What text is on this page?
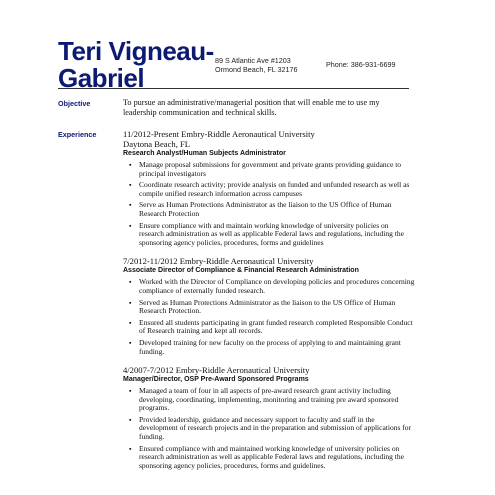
Teri Vigneau-
Gabriel
89 S Atlantic Ave #1203
Ormond Beach, FL 32176
Phone: 386-931-6699
Objective	To pursue an administrative/managerial position that will enable me to use my leadership communication and technical skills.
Experience	11/2012-Present Embry-Riddle Aeronautical University
Daytona Beach, FL
Research Analyst/Human Subjects Administrator
▪ Manage proposal submissions for government and private grants providing guidance to principal investigators
▪ Coordinate research activity; provide analysis on funded and unfunded research as well as compile unified research information across campuses
▪ Serve as Human Protections Administrator as the liaison to the US Office of Human Research Protection
▪ Ensure compliance with and maintain working knowledge of university policies on research administration as well as applicable Federal laws and regulations, including the sponsoring agency policies, procedures, forms and guidelines
7/2012-11/2012 Embry-Riddle Aeronautical University
Associate Director of Compliance & Financial Research Administration
▪ Worked with the Director of Compliance on developing policies and procedures concerning compliance of externally funded research.
▪ Served as Human Protections Administrator as the liaison to the US Office of Human Research Protection.
▪ Ensured all students participating in grant funded research completed Responsible Conduct of Research training and kept all records.
▪ Developed training for new faculty on the process of applying to and maintaining grant funding.
4/2007-7/2012 Embry-Riddle Aeronautical University
Manager/Director, OSP Pre-Award Sponsored Programs
▪ Managed a team of four in all aspects of pre-award research grant activity including developing, coordinating, implementing, monitoring and training pre award sponsored programs.
▪ Provided leadership, guidance and necessary support to faculty and staff in the development of research projects and in the preparation and submission of applications for funding.
▪ Ensured compliance with and maintained working knowledge of university policies on research administration as well as applicable Federal laws and regulations, including the sponsoring agency policies, procedures, forms and guidelines.
